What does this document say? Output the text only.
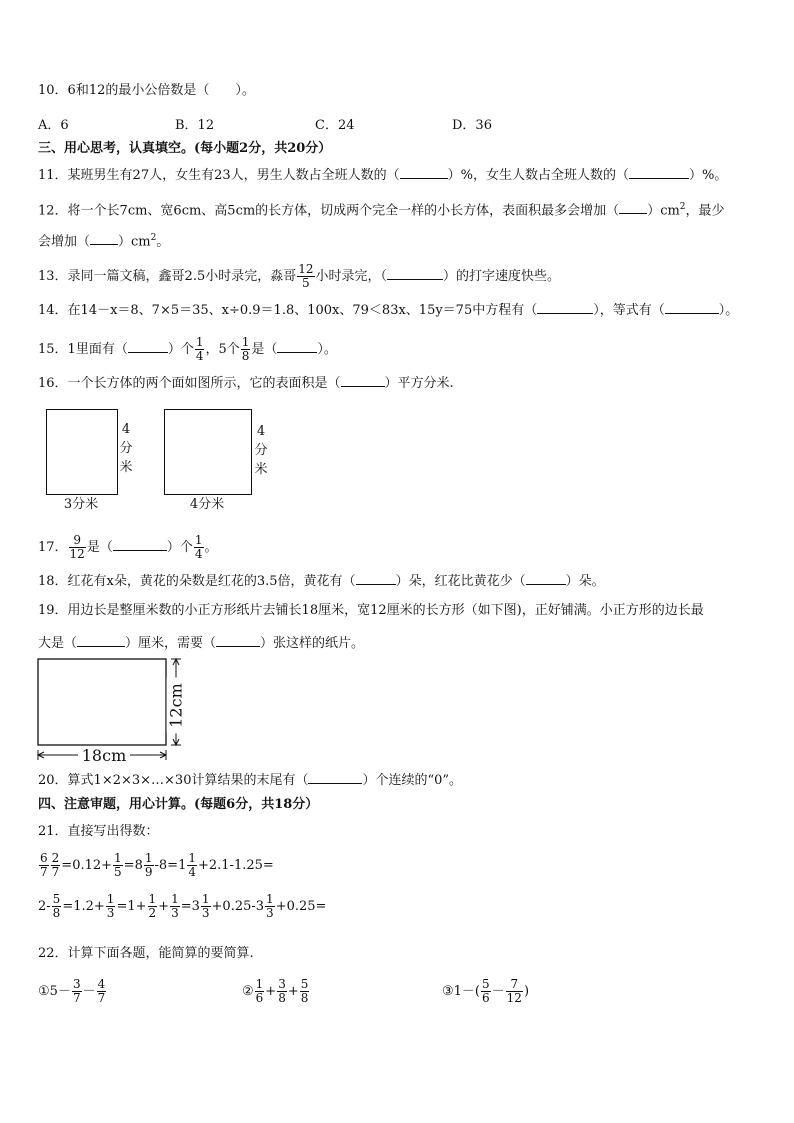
10．6和12的最小公倍数是（　　）。
A．6	B．12	C．24	D．36
三、用心思考，认真填空。(每小题2分，共20分）
11．某班男生有27人，女生有23人，男生人数占全班人数的（	）%，女生人数占全班人数的（	）%。
12．将一个长7cm、宽6cm、高5cm的长方体，切成两个完全一样的小长方体，表面积最多会增加（ ）$cm^2$，最少
会增加（ ）$cm^2$。
13．录同一篇文稿，鑫哥2.5小时录完，淼哥 $\frac{12}{5}$ 小时录完，（	）的打字速度快些。
14．在14－x＝8、7×5＝35、x÷0.9＝1.8、100x、79＜83x、15y＝75中方程有（	），等式有（	）。
15．1里面有（	）个 $\frac{1}{4}$ ，5个 $\frac{1}{8}$ 是（	）。
16．一个长方体的两个面如图所示，它的表面积是（	）平方分米.
4
分
米
3分米
4
分
米
4分米
17． $\frac{9}{12}$ 是（	）个 $\frac{1}{4}$ 。
18．红花有x朵，黄花的朵数是红花的3.5倍，黄花有（	）朵，红花比黄花少（	）朵。
19．用边长是整厘米数的小正方形纸片去铺长18厘米，宽12厘米的长方形（如下图)，正好铺满。小正方形的边长最
大是（	）厘米，需要（	）张这样的纸片。
12cm
18cm
20．算式1×2×3×…×30计算结果的末尾有（	）个连续的“0”。
四、注意审题，用心计算。(每题6分，共18分）
21．直接写出得数：
$\frac{6}{7} \frac{2}{7} =0.12+ \frac{1}{5} =8 \frac{1}{9} -8=1 \frac{1}{4} +2.1-1.25=$
$2- \frac{5}{8} =1.2+ \frac{1}{3} =1+ \frac{1}{2} + \frac{1}{3} =3 \frac{1}{3} +0.25-3 \frac{1}{3} +0.25=$
22．计算下面各题，能简算的要简算.
①5－ $\frac{3}{7} - \frac{4}{7}$	② $\frac{1}{6} + \frac{3}{8} + \frac{5}{8}$	③1－( $\frac{5}{6} - \frac{7}{12}$ )
